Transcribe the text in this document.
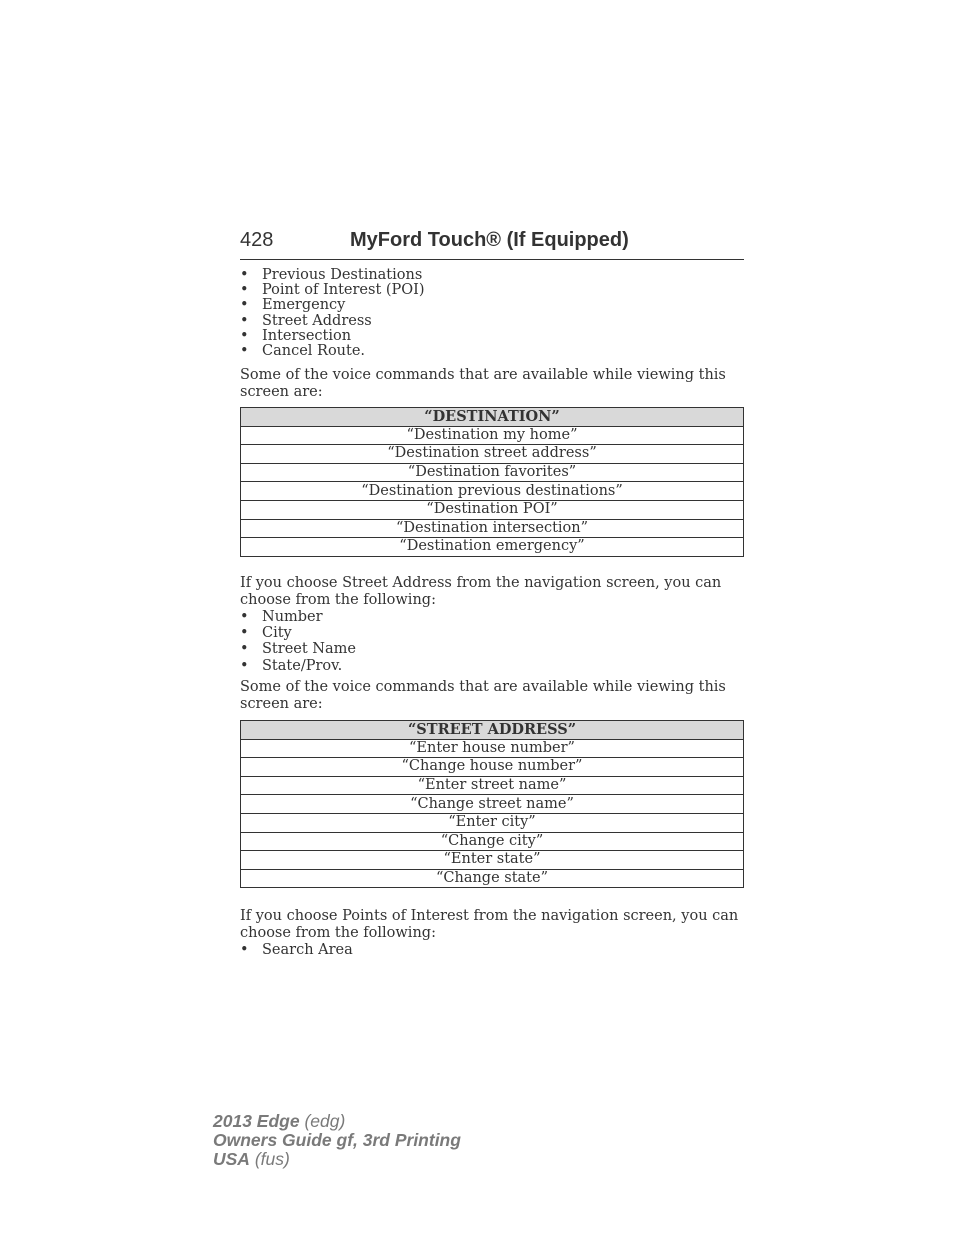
428	MyFord Touch® (If Equipped)
• Previous Destinations
• Point of Interest (POI)
• Emergency
• Street Address
• Intersection
• Cancel Route.

Some of the voice commands that are available while viewing this screen are:

“DESTINATION”
“Destination my home”
“Destination street address”
“Destination favorites”
“Destination previous destinations”
“Destination POI”
“Destination intersection”
“Destination emergency”

If you choose Street Address from the navigation screen, you can choose from the following:

• Number
• City
• Street Name
• State/Prov.

Some of the voice commands that are available while viewing this screen are:

“STREET ADDRESS”
“Enter house number”
“Change house number”
“Enter street name”
“Change street name”
“Enter city”
“Change city”
“Enter state”
“Change state”

If you choose Points of Interest from the navigation screen, you can choose from the following:

• Search Area
2013 Edge (edg)
Owners Guide gf, 3rd Printing
USA (fus)
